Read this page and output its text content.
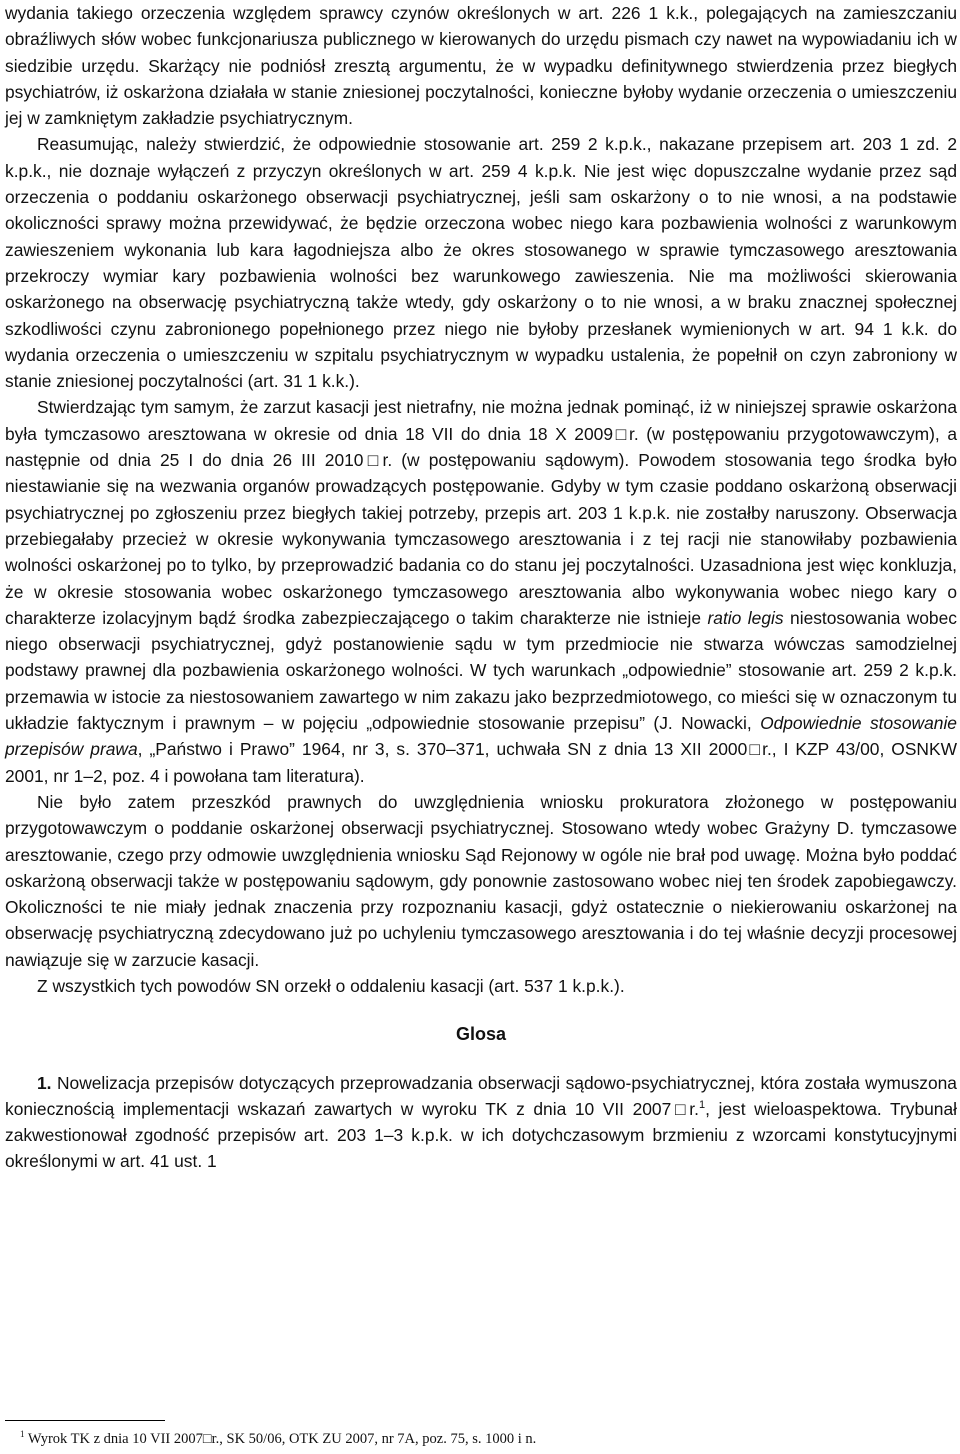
wydania takiego orzeczenia względem sprawcy czynów określonych w art. 226 1 k.k., polegających na zamieszczaniu obraźliwych słów wobec funkcjonariusza publicznego w kierowanych do urzędu pismach czy nawet na wypowiadaniu ich w siedzibie urzędu. Skarżący nie podniósł zresztą argumentu, że w wypadku definitywnego stwierdzenia przez biegłych psychiatrów, iż oskarżona działała w stanie zniesionej poczytalności, konieczne byłoby wydanie orzeczenia o umieszczeniu jej w zamkniętym zakładzie psychiatrycznym.

Reasumując, należy stwierdzić, że odpowiednie stosowanie art. 259 2 k.p.k., nakazane przepisem art. 203 1 zd. 2 k.p.k., nie doznaje wyłączeń z przyczyn określonych w art. 259 4 k.p.k. Nie jest więc dopuszczalne wydanie przez sąd orzeczenia o poddaniu oskarżonego obserwacji psychiatrycznej, jeśli sam oskarżony o to nie wnosi, a na podstawie okoliczności sprawy można przewidywać, że będzie orzeczona wobec niego kara pozbawienia wolności z warunkowym zawieszeniem wykonania lub kara łagodniejsza albo że okres stosowanego w sprawie tymczasowego aresztowania przekroczy wymiar kary pozbawienia wolności bez warunkowego zawieszenia. Nie ma możliwości skierowania oskarżonego na obserwację psychiatryczną także wtedy, gdy oskarżony o to nie wnosi, a w braku znacznej społecznej szkodliwości czynu zabronionego popełnionego przez niego nie byłoby przesłanek wymienionych w art. 94 1 k.k. do wydania orzeczenia o umieszczeniu w szpitalu psychiatrycznym w wypadku ustalenia, że popełnił on czyn zabroniony w stanie zniesionej poczytalności (art. 31 1 k.k.).

Stwierdzając tym samym, że zarzut kasacji jest nietrafny, nie można jednak pominąć, iż w niniejszej sprawie oskarżona była tymczasowo aresztowana w okresie od dnia 18 VII do dnia 18 X 2009□r. (w postępowaniu przygotowawczym), a następnie od dnia 25 I do dnia 26 III 2010□r. (w postępowaniu sądowym). Powodem stosowania tego środka było niestawianie się na wezwania organów prowadzących postępowanie. Gdyby w tym czasie poddano oskarżoną obserwacji psychiatrycznej po zgłoszeniu przez biegłych takiej potrzeby, przepis art. 203 1 k.p.k. nie zostałby naruszony. Obserwacja przebiegałaby przecież w okresie wykonywania tymczasowego aresztowania i z tej racji nie stanowiłaby pozbawienia wolności oskarżonej po to tylko, by przeprowadzić badania co do stanu jej poczytalności. Uzasadniona jest więc konkluzja, że w okresie stosowania wobec oskarżonego tymczasowego aresztowania albo wykonywania wobec niego kary o charakterze izolacyjnym bądź środka zabezpieczającego o takim charakterze nie istnieje ratio legis niestosowania wobec niego obserwacji psychiatrycznej, gdyż postanowienie sądu w tym przedmiocie nie stwarza wówczas samodzielnej podstawy prawnej dla pozbawienia oskarżonego wolności. W tych warunkach „odpowiednie” stosowanie art. 259 2 k.p.k. przemawia w istocie za niestosowaniem zawartego w nim zakazu jako bezprzedmiotowego, co mieści się w oznaczonym tu układzie faktycznym i prawnym – w pojęciu „odpowiednie stosowanie przepisu” (J. Nowacki, Odpowiednie stosowanie przepisów prawa, „Państwo i Prawo” 1964, nr 3, s. 370–371, uchwała SN z dnia 13 XII 2000□r., I KZP 43/00, OSNKW 2001, nr 1–2, poz. 4 i powołana tam literatura).

Nie było zatem przeszkód prawnych do uwzględnienia wniosku prokuratora złożonego w postępowaniu przygotowawczym o poddanie oskarżonej obserwacji psychiatrycznej. Stosowano wtedy wobec Grażyny D. tymczasowe aresztowanie, czego przy odmowie uwzględnienia wniosku Sąd Rejonowy w ogóle nie brał pod uwagę. Można było poddać oskarżoną obserwacji także w postępowaniu sądowym, gdy ponownie zastosowano wobec niej ten środek zapobiegawczy. Okoliczności te nie miały jednak znaczenia przy rozpoznaniu kasacji, gdyż ostatecznie o niekierowaniu oskarżonej na obserwację psychiatryczną zdecydowano już po uchyleniu tymczasowego aresztowania i do tej właśnie decyzji procesowej nawiązuje się w zarzucie kasacji.

Z wszystkich tych powodów SN orzekł o oddaleniu kasacji (art. 537 1 k.p.k.).

Glosa

1. Nowelizacja przepisów dotyczących przeprowadzania obserwacji sądowo-psychiatrycznej, która została wymuszona koniecznością implementacji wskazań zawartych w wyroku TK z dnia 10 VII 2007□r.$^1$, jest wieloaspektowa. Trybunał zakwestionował zgodność przepisów art. 203 1–3 k.p.k. w ich dotychczasowym brzmieniu z wzorcami konstytucyjnymi określonymi w art. 41 ust. 1

$^1$ Wyrok TK z dnia 10 VII 2007□r., SK 50/06, OTK ZU 2007, nr 7A, poz. 75, s. 1000 i n.
